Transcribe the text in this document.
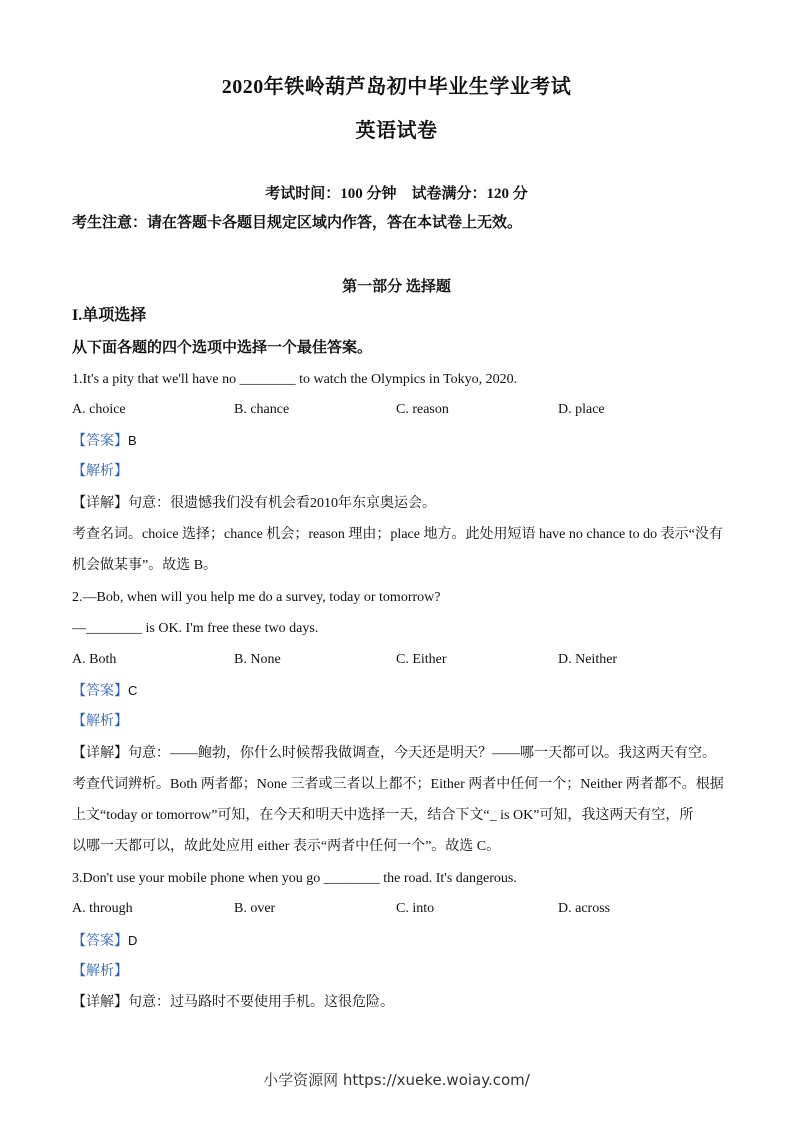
2020年铁岭葫芦岛初中毕业生学业考试
英语试卷
考试时间：100 分钟　试卷满分：120 分
考生注意：请在答题卡各题目规定区域内作答，答在本试卷上无效。
第一部分 选择题
I.单项选择
从下面各题的四个选项中选择一个最佳答案。
1.It's a pity that we'll have no ________ to watch the Olympics in Tokyo, 2020.
A. choice	B. chance	C. reason	D. place
【答案】B
【解析】
【详解】句意：很遗憾我们没有机会看2010年东京奥运会。
考查名词。choice 选择；chance 机会；reason 理由；place 地方。此处用短语 have no chance to do 表示“没有
机会做某事”。故选 B。
2.—Bob, when will you help me do a survey, today or tomorrow?
—________ is OK. I'm free these two days.
A. Both	B. None	C. Either	D. Neither
【答案】C
【解析】
【详解】句意：——鲍勃，你什么时候帮我做调查，今天还是明天？——哪一天都可以。我这两天有空。
考查代词辨析。Both 两者都；None 三者或三者以上都不；Either 两者中任何一个；Neither 两者都不。根据
上文“today or tomorrow”可知，在今天和明天中选择一天，结合下文“_ is OK”可知，我这两天有空，所
以哪一天都可以，故此处应用 either 表示“两者中任何一个”。故选 C。
3.Don't use your mobile phone when you go ________ the road. It's dangerous.
A. through	B. over	C. into	D. across
【答案】D
【解析】
【详解】句意：过马路时不要使用手机。这很危险。
小学资源网 https://xueke.woiay.com/
